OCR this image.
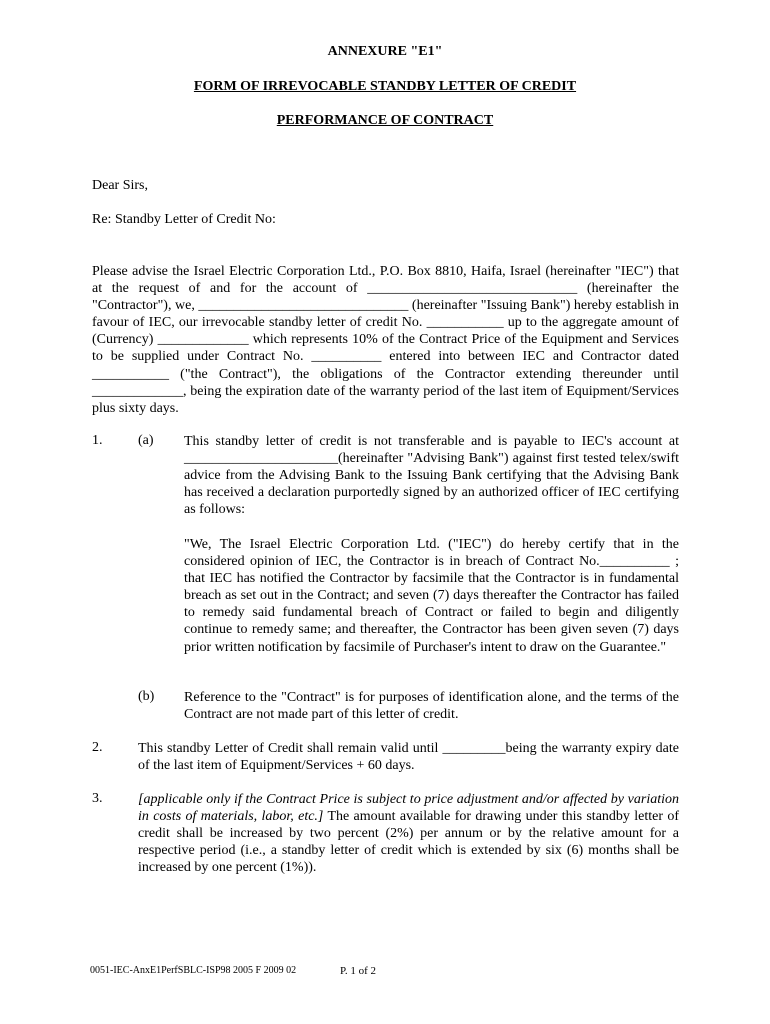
ANNEXURE "E1"
FORM OF IRREVOCABLE STANDBY LETTER OF CREDIT
PERFORMANCE OF CONTRACT
Dear Sirs,
Re: Standby Letter of Credit No:
Please advise the Israel Electric Corporation Ltd., P.O. Box 8810, Haifa, Israel (hereinafter "IEC") that at the request of and for the account of ______________________________ (hereinafter the "Contractor"), we, ______________________________ (hereinafter "Issuing Bank") hereby establish in favour of IEC, our irrevocable standby letter of credit No. ___________ up to the aggregate amount of (Currency) _____________ which represents 10% of the Contract Price of the Equipment and Services to be supplied under Contract No. __________ entered into between IEC and Contractor dated ___________ ("the Contract"), the obligations of the Contractor extending thereunder until _____________, being the expiration date of the warranty period of the last item of Equipment/Services plus sixty days.
1.	(a) This standby letter of credit is not transferable and is payable to IEC's account at ______________________(hereinafter "Advising Bank") against first tested telex/swift advice from the Advising Bank to the Issuing Bank certifying that the Advising Bank has received a declaration purportedly signed by an authorized officer of IEC certifying as follows:
"We, The Israel Electric Corporation Ltd. ("IEC") do hereby certify that in the considered opinion of IEC, the Contractor is in breach of Contract No.__________ ; that IEC has notified the Contractor by facsimile that the Contractor is in fundamental breach as set out in the Contract; and seven (7) days thereafter the Contractor has failed to remedy said fundamental breach of Contract or failed to begin and diligently continue to remedy same; and thereafter, the Contractor has been given seven (7) days prior written notification by facsimile of Purchaser's intent to draw on the Guarantee."
(b) Reference to the "Contract" is for purposes of identification alone, and the terms of the Contract are not made part of this letter of credit.
2.	This standby Letter of Credit shall remain valid until _________being the warranty expiry date of the last item of Equipment/Services + 60 days.
3.	[applicable only if the Contract Price is subject to price adjustment and/or affected by variation in costs of materials, labor, etc.] The amount available for drawing under this standby letter of credit shall be increased by two percent (2%) per annum or by the relative amount for a respective period (i.e., a standby letter of credit which is extended by six (6) months shall be increased by one percent (1%)).
0051-IEC-AnxE1PerfSBLC-ISP98 2005 F 2009 02	P. 1 of 2
